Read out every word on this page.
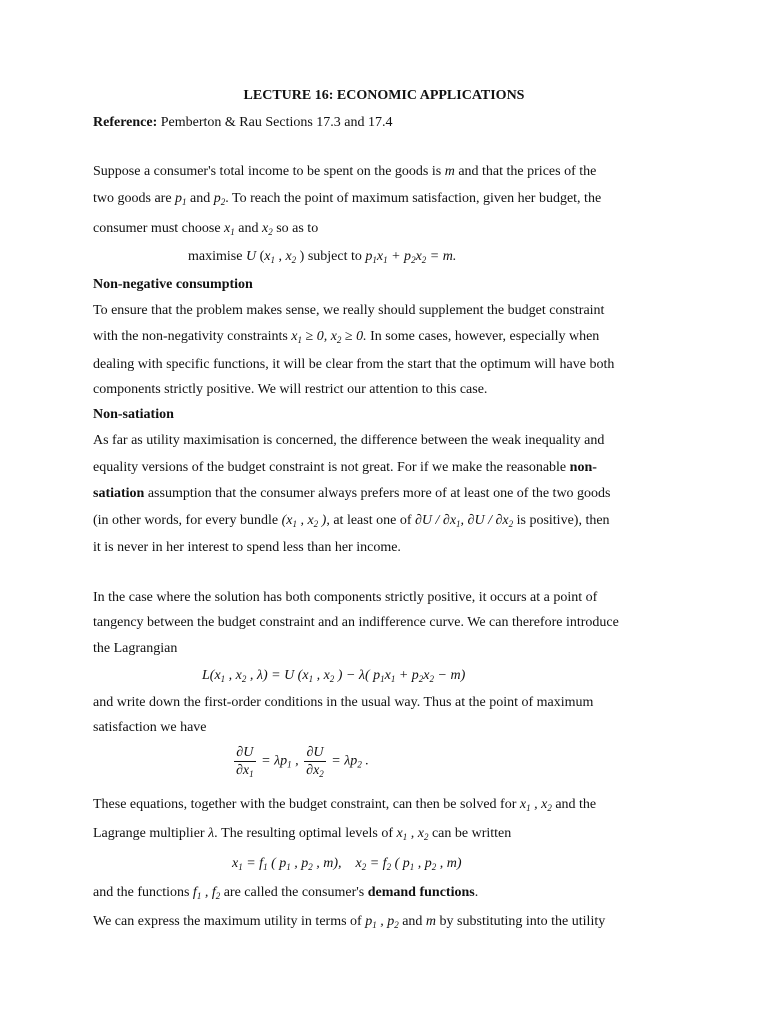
LECTURE 16: ECONOMIC APPLICATIONS
Reference: Pemberton & Rau Sections 17.3 and 17.4
Suppose a consumer's total income to be spent on the goods is m and that the prices of the
two goods are $p_1$ and $p_2$. To reach the point of maximum satisfaction, given her budget, the
consumer must choose $x_1$ and $x_2$ so as to
maximise U ($x_1$ , $x_2$ ) subject to $p_1x_1 + p_2x_2 = m$.
Non-negative consumption
To ensure that the problem makes sense, we really should supplement the budget constraint
with the non-negativity constraints $x_1 \ge 0$, $x_2 \ge 0$. In some cases, however, especially when
dealing with specific functions, it will be clear from the start that the optimum will have both
components strictly positive. We will restrict our attention to this case.
Non-satiation
As far as utility maximisation is concerned, the difference between the weak inequality and
equality versions of the budget constraint is not great. For if we make the reasonable non-
satiation assumption that the consumer always prefers more of at least one of the two goods
(in other words, for every bundle ($x_1$ , $x_2$ ), at least one of $\partial U / \partial x_1$, $\partial U / \partial x_2$ is positive), then
it is never in her interest to spend less than her income.
In the case where the solution has both components strictly positive, it occurs at a point of
tangency between the budget constraint and an indifference curve. We can therefore introduce
the Lagrangian
$L(x_1$ , $x_2$ , λ) = U ($x_1$ , $x_2$ ) − λ( $p_1x_1 + p_2x_2 - m$)
and write down the first-order conditions in the usual way. Thus at the point of maximum
satisfaction we have
$\frac{\partial U}{\partial x_1} = \lambda p_1$ , $\frac{\partial U}{\partial x_2} = \lambda p_2$ .
These equations, together with the budget constraint, can then be solved for $x_1$ , $x_2$ and the
Lagrange multiplier λ. The resulting optimal levels of $x_1$ , $x_2$ can be written
$x_1 = f_1$ ( $p_1$ , $p_2$ , m),    $x_2 = f_2$ ( $p_1$ , $p_2$ , m)
and the functions $f_1$ , $f_2$ are called the consumer's demand functions.
We can express the maximum utility in terms of $p_1$ , $p_2$ and m by substituting into the utility
